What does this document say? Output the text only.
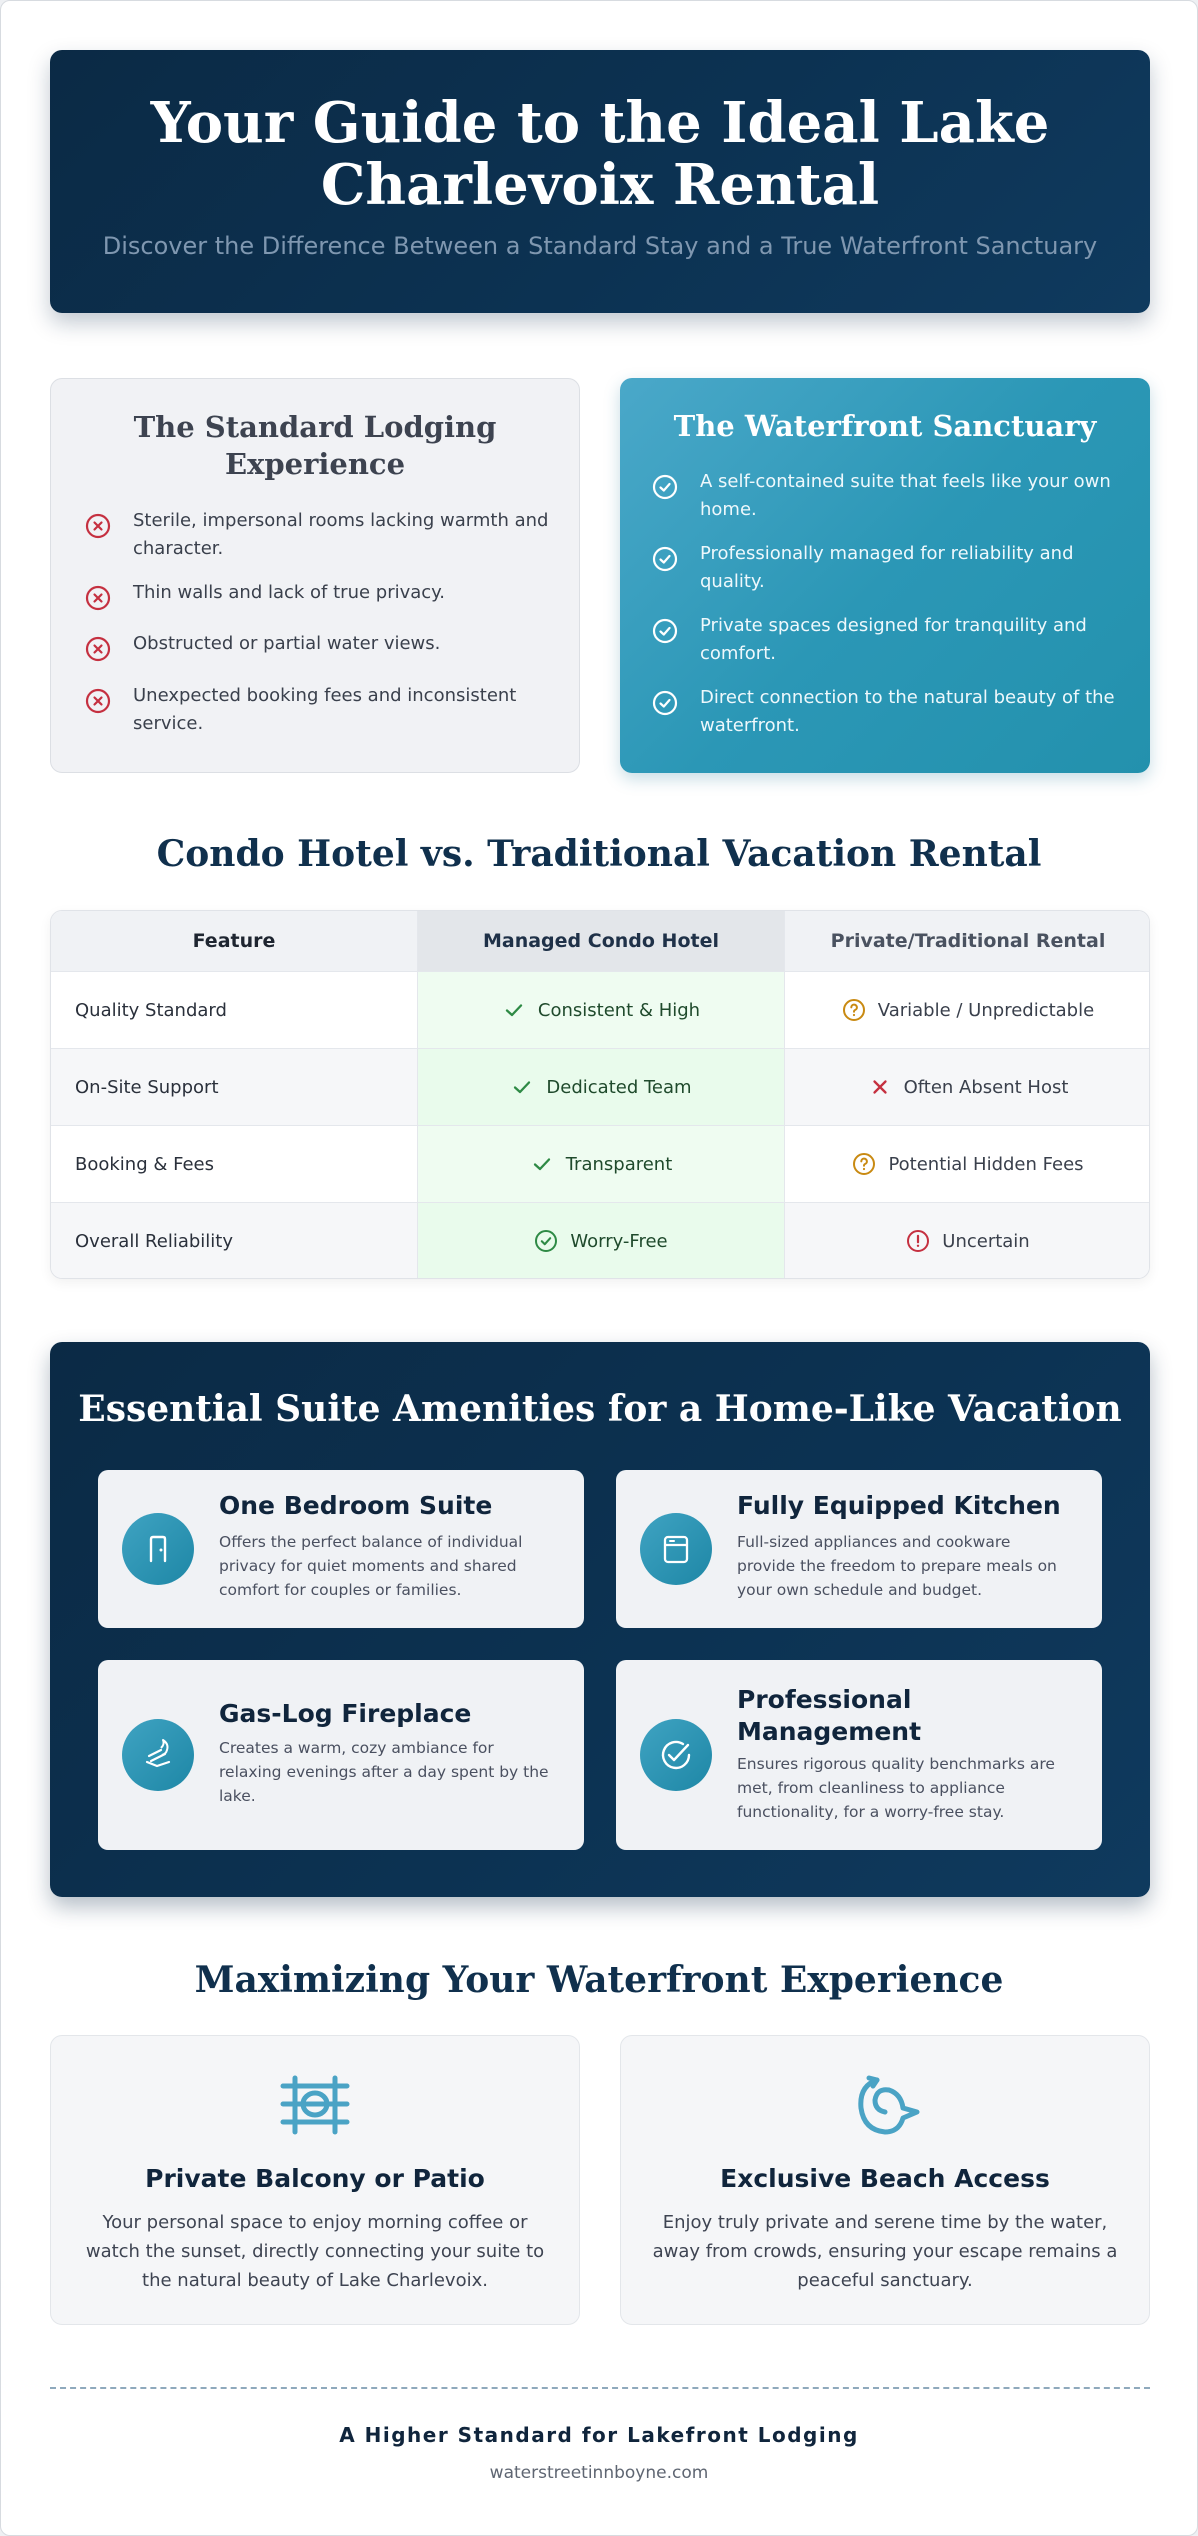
Your Guide to the Ideal Lake Charlevoix Rental
Discover the Difference Between a Standard Stay and a True Waterfront Sanctuary
The Standard Lodging Experience
Sterile, impersonal rooms lacking warmth and character.
Thin walls and lack of true privacy.
Obstructed or partial water views.
Unexpected booking fees and inconsistent service.
The Waterfront Sanctuary
A self-contained suite that feels like your own home.
Professionally managed for reliability and quality.
Private spaces designed for tranquility and comfort.
Direct connection to the natural beauty of the waterfront.
Condo Hotel vs. Traditional Vacation Rental
Feature	Managed Condo Hotel	Private/Traditional Rental
Quality Standard	Consistent & High	Variable / Unpredictable
On-Site Support	Dedicated Team	Often Absent Host
Booking & Fees	Transparent	Potential Hidden Fees
Overall Reliability	Worry-Free	Uncertain
Essential Suite Amenities for a Home-Like Vacation
One Bedroom Suite
Offers the perfect balance of individual privacy for quiet moments and shared comfort for couples or families.
Fully Equipped Kitchen
Full-sized appliances and cookware provide the freedom to prepare meals on your own schedule and budget.
Gas-Log Fireplace
Creates a warm, cozy ambiance for relaxing evenings after a day spent by the lake.
Professional Management
Ensures rigorous quality benchmarks are met, from cleanliness to appliance functionality, for a worry-free stay.
Maximizing Your Waterfront Experience
Private Balcony or Patio
Your personal space to enjoy morning coffee or watch the sunset, directly connecting your suite to the natural beauty of Lake Charlevoix.
Exclusive Beach Access
Enjoy truly private and serene time by the water, away from crowds, ensuring your escape remains a peaceful sanctuary.
A Higher Standard for Lakefront Lodging
waterstreetinnboyne.com
